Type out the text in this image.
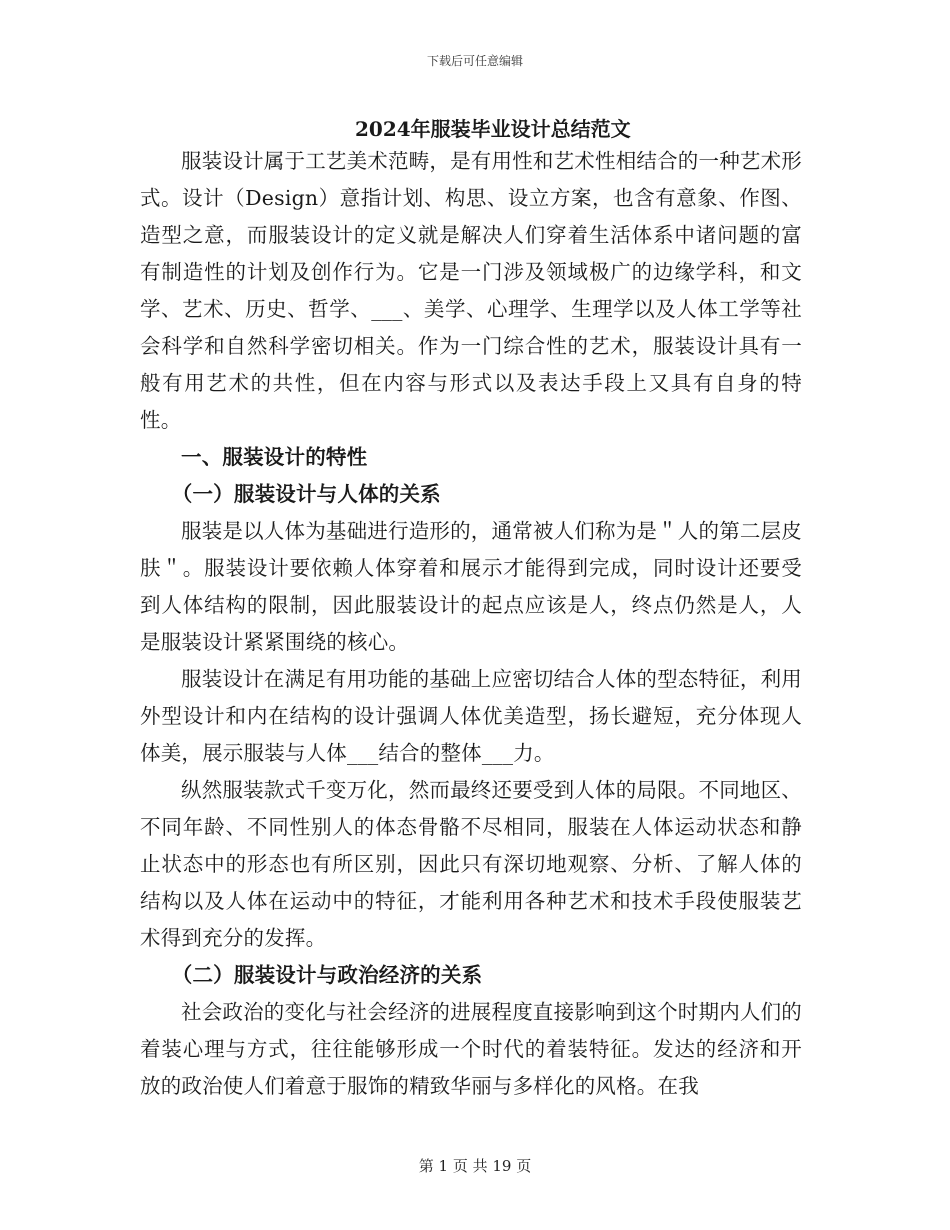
下载后可任意编辑
2024年服装毕业设计总结范文

服装设计属于工艺美术范畴，是有用性和艺术性相结合的一种艺术形式。设计（Design）意指计划、构思、设立方案，也含有意象、作图、造型之意，而服装设计的定义就是解决人们穿着生活体系中诸问题的富有制造性的计划及创作行为。它是一门涉及领域极广的边缘学科，和文学、艺术、历史、哲学、___、美学、心理学、生理学以及人体工学等社会科学和自然科学密切相关。作为一门综合性的艺术，服装设计具有一般有用艺术的共性，但在内容与形式以及表达手段上又具有自身的特性。

一、服装设计的特性

（一）服装设计与人体的关系

服装是以人体为基础进行造形的，通常被人们称为是＂人的第二层皮肤＂。服装设计要依赖人体穿着和展示才能得到完成，同时设计还要受到人体结构的限制，因此服装设计的起点应该是人，终点仍然是人，人是服装设计紧紧围绕的核心。

服装设计在满足有用功能的基础上应密切结合人体的型态特征，利用外型设计和内在结构的设计强调人体优美造型，扬长避短，充分体现人体美，展示服装与人体___结合的整体___力。

纵然服装款式千变万化，然而最终还要受到人体的局限。不同地区、不同年龄、不同性别人的体态骨骼不尽相同，服装在人体运动状态和静止状态中的形态也有所区别，因此只有深切地观察、分析、了解人体的结构以及人体在运动中的特征，才能利用各种艺术和技术手段使服装艺术得到充分的发挥。

（二）服装设计与政治经济的关系

社会政治的变化与社会经济的进展程度直接影响到这个时期内人们的着装心理与方式，往往能够形成一个时代的着装特征。发达的经济和开放的政治使人们着意于服饰的精致华丽与多样化的风格。在我

第 1 页 共 19 页
